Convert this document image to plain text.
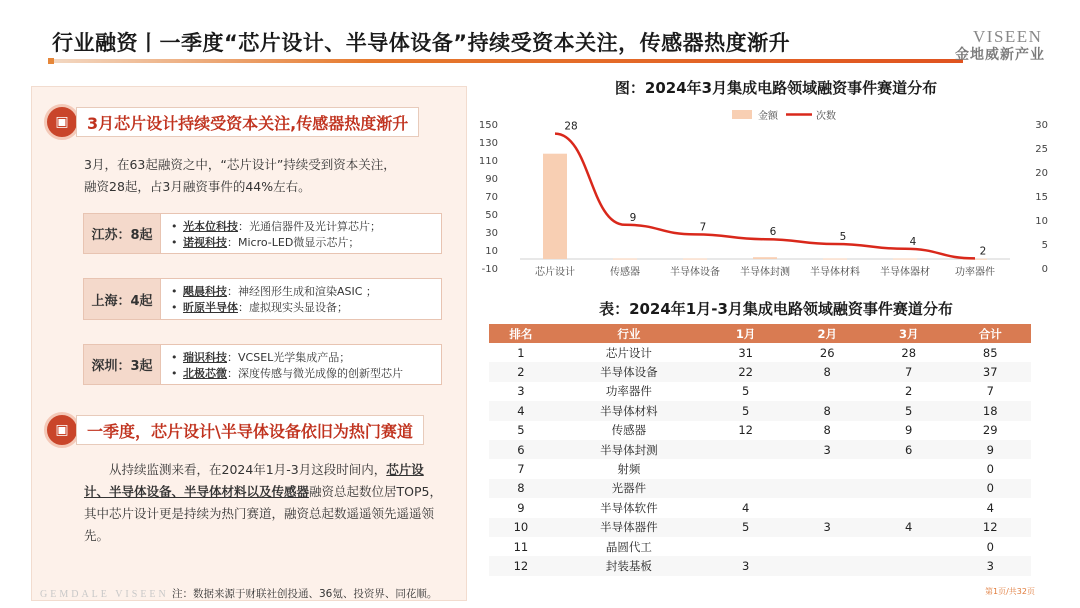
行业融资丨一季度“芯片设计、半导体设备”持续受资本关注，传感器热度渐升	VISEEN
金地威新产业
▣	3月芯片设计持续受资本关注,传感器热度渐升
3月，在63起融资之中，“芯片设计”持续受到资本关注，
融资28起，占3月融资事件的44%左右。
江苏：8起
• 光本位科技：光通信器件及光计算芯片；
• 诺视科技：Micro-LED微显示芯片；
上海：4起
• 飓晨科技：神经图形生成和渲染ASIC ；
• 昕原半导体：虚拟现实头显设备；
深圳：3起
• 瑞识科技：VCSEL光学集成产品；
• 北极芯微：深度传感与微光成像的创新型芯片
▣	一季度，芯片设计\半导体设备依旧为热门赛道
从持续监测来看，在2024年1月-3月这段时间内，芯片设计、半导体设备、半导体材料以及传感器融资总起数位居TOP5，其中芯片设计更是持续为热门赛道，融资总起数遥遥领先遥遥领先。
GEMDALE VISEEN 注：数据来源于财联社创投通、36氪、投资界、同花顺。	第1页/共32页
图：2024年3月集成电路领域融资事件赛道分布
-10
10
30
50
70
90
110
130
150
0
5
10
15
20
25
30
芯片设计	传感器	半导体设备 半导体封测 半导体材料 半导体器材	功率器件
28
9
7	6	5	4
2
金额	次数
表：2024年1月-3月集成电路领域融资事件赛道分布
排名	行业	1月	2月	3月	合计
1	芯片设计	31	26	28	85
2	半导体设备	22	8	7	37
3	功率器件	5		2	7
4	半导体材料	5	8	5	18
5	传感器	12	8	9	29
6	半导体封测		3	6	9
7	射频				0
8	光器件				0
9	半导体软件	4			4
10	半导体器件	5	3	4	12
11	晶圆代工				0
12	封装基板	3			3
